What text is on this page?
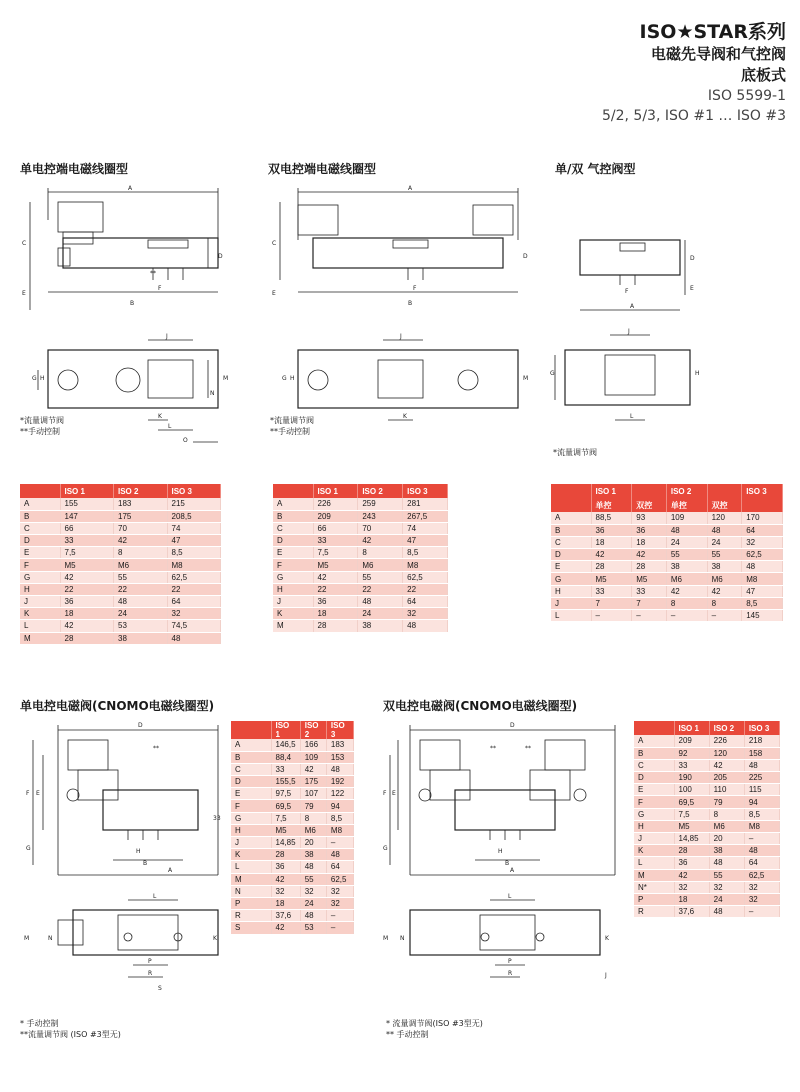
ISO★STAR系列
电磁先导阀和气控阀
底板式
ISO 5599-1
5/2, 5/3, ISO #1 … ISO #3
单电控端电磁线圈型	双电控端电磁线圈型	单/双 气控阀型
单电控电磁阀(CNOMO电磁线圈型)	双电控电磁阀(CNOMO电磁线圈型)
A
B
C
D
E
F
**
J
G H
K
L
O
M
N
*流量调节阀
**手动控制
A
B
C
D
E
F
J
G H
K
M
*流量调节阀
**手动控制
A
D
E
F
J
G	H
L
*流量调节阀
	ISO 1	ISO 2	ISO 3
A	155	183	215
B	147	175	208,5
C	66	70	74
D	33	42	47
E	7,5	8	8,5
F	M5	M6	M8
G	42	55	62,5
H	22	22	22
J	36	48	64
K	18	24	32
L	42	53	74,5
M	28	38	48
	ISO 1	ISO 2	ISO 3
A	226	259	281
B	209	243	267,5
C	66	70	74
D	33	42	47
E	7,5	8	8,5
F	M5	M6	M8
G	42	55	62,5
H	22	22	22
J	36	48	64
K	18	24	32
M	28	38	48
	ISO 1		ISO 2		ISO 3
	单控	双控	单控	双控	
A	88,5	93	109	120	170
B	36	36	48	48	64
C	18	18	24	24	32
D	42	42	55	55	62,5
E	28	28	38	38	48
G	M5	M5	M6	M6	M8
H	33	33	42	42	47
J	7	7	8	8	8,5
L	–	–	–	–	145
D
A
B
H
E
F
G
**
33
L
P
R
S
M	N	K
* 手动控制
**流量调节阀 (ISO #3型无)
	ISO 1	ISO 2	ISO 3
A	146,5	166	183
B	88,4	109	153
C	33	42	48
D	155,5	175	192
E	97,5	107	122
F	69,5	79	94
G	7,5	8	8,5
H	M5	M6	M8
J	14,85	20	–
K	28	38	48
L	36	48	64
M	42	55	62,5
N	32	32	32
P	18	24	32
R	37,6	48	–
S	42	53	–
D
A
B
H
E
F
G
**	**
L
P
R
M N	K
J
* 流量调节阀(ISO #3型无)
** 手动控制
	ISO 1	ISO 2	ISO 3
A	209	226	218
B	92	120	158
C	33	42	48
D	190	205	225
E	100	110	115
F	69,5	79	94
G	7,5	8	8,5
H	M5	M6	M8
J	14,85	20	–
K	28	38	48
L	36	48	64
M	42	55	62,5
N*	32	32	32
P	18	24	32
R	37,6	48	–
